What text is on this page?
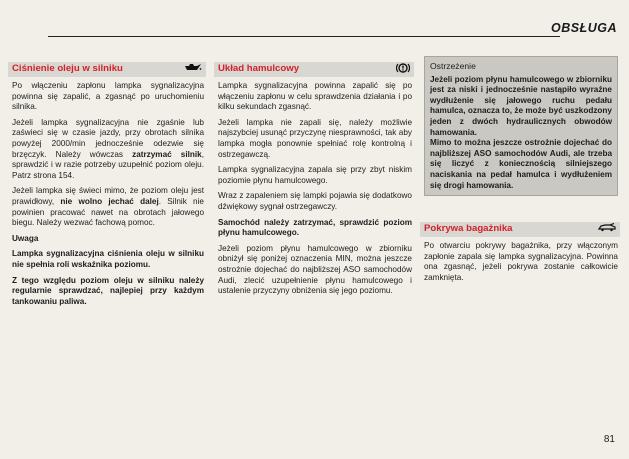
OBSŁUGA
Ciśnienie oleju w silniku

Po włączeniu zapłonu lampka sygnalizacyjna powinna się zapalić, a zgasnąć po uruchomieniu silnika.

Jeżeli lampka sygnalizacyjna nie zgaśnie lub zaświeci się w czasie jazdy, przy obrotach silnika powyżej 2000/min jednocześnie odezwie się brzęczyk. Należy wówczas zatrzymać silnik, sprawdzić i w razie potrzeby uzupełnić poziom oleju. Patrz strona 154.

Jeżeli lampka się świeci mimo, że poziom oleju jest prawidłowy, nie wolno jechać dalej. Silnik nie powinien pracować nawet na obrotach jałowego biegu. Należy wezwać fachową pomoc.

Uwaga

Lampka sygnalizacyjna ciśnienia oleju w silniku nie spełnia roli wskaźnika poziomu.

Z tego względu poziom oleju w silniku należy regularnie sprawdzać, najlepiej przy każdym tankowaniu paliwa.

Układ hamulcowy

Lampka sygnalizacyjna powinna zapalić się po włączeniu zapłonu w celu sprawdzenia działania i po kilku sekundach zgasnąć.

Jeżeli lampka nie zapali się, należy możliwie najszybciej usunąć przyczynę niesprawności, tak aby lampka mogła ponownie spełniać rolę kontrolną i ostrzegawczą.

Lampka sygnalizacyjna zapala się przy zbyt niskim poziomie płynu hamulcowego.

Wraz z zapaleniem się lampki pojawia się dodatkowo dźwiękowy sygnał ostrzegawczy.

Samochód należy zatrzymać, sprawdzić poziom płynu hamulcowego.

Jeżeli poziom płynu hamulcowego w zbiorniku obniżył się poniżej oznaczenia MIN, można jeszcze ostrożnie dojechać do najbliższej ASO samochodów Audi, zlecić uzupełnienie płynu hamulcowego i ustalenie przyczyny obniżenia się jego poziomu.

Ostrzeżenie

Jeżeli poziom płynu hamulcowego w zbiorniku jest za niski i jednocześnie nastąpiło wyraźne wydłużenie się jałowego ruchu pedału hamulca, oznacza to, że może być uszkodzony jeden z dwóch hydraulicznych obwodów hamowania.

Mimo to można jeszcze ostrożnie dojechać do najbliższej ASO samochodów Audi, ale trzeba się liczyć z koniecznością silniejszego naciskania na pedał hamulca i wydłużeniem się drogi hamowania.

Pokrywa bagażnika

Po otwarciu pokrywy bagażnika, przy włączonym zapłonie zapala się lampka sygnalizacyjna. Powinna ona zgasnąć, jeżeli pokrywa zostanie całkowicie zamknięta.

81
